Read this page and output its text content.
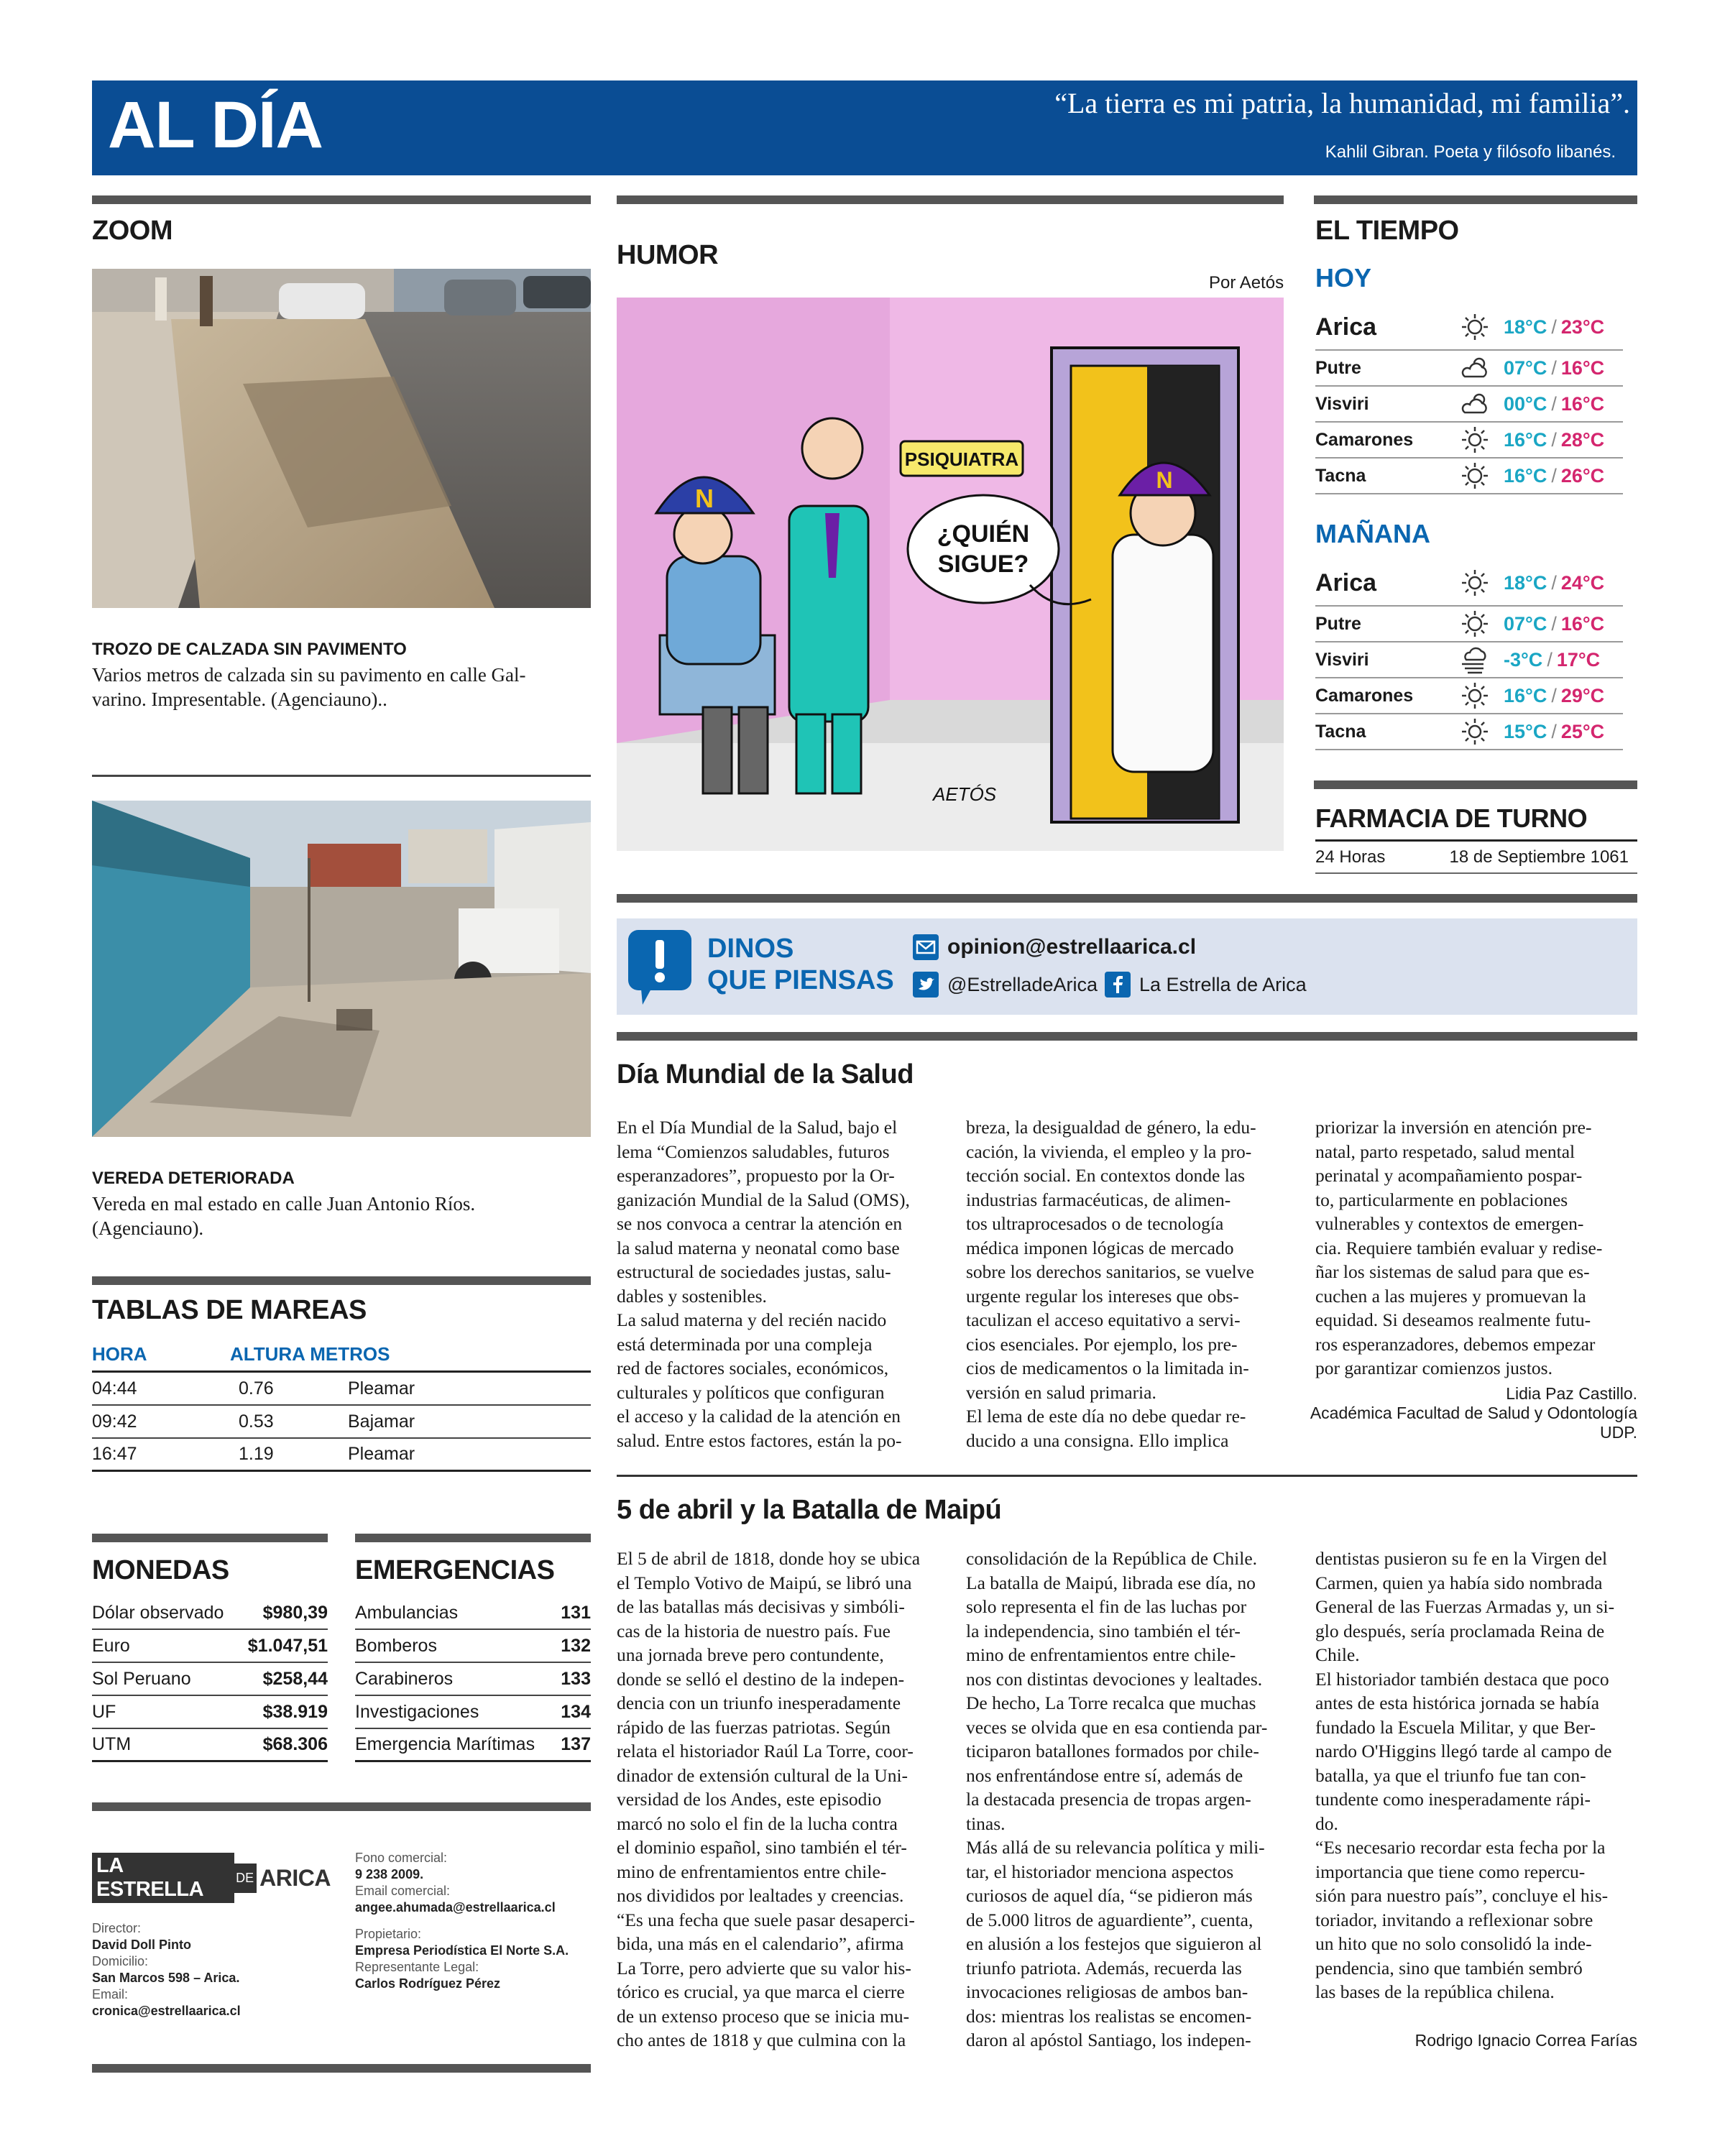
AL DÍA	“La tierra es mi patria, la humanidad, mi familia”.
Kahlil Gibran. Poeta y filósofo libanés.
ZOOM
TROZO DE CALZADA SIN PAVIMENTO
Varios metros de calzada sin su pavimento en calle Gal-
varino. Impresentable. (Agenciauno)..
VEREDA DETERIORADA
Vereda en mal estado en calle Juan Antonio Ríos.
(Agenciauno).
TABLAS DE MAREAS
HORA	ALTURA METROS
04:44	0.76	Pleamar
09:42	0.53	Bajamar
16:47	1.19	Pleamar
MONEDAS
Dólar observado $980,39
Euro	$1.047,51
Sol Peruano	$258,44
UF	$38.919
UTM	$68.306
EMERGENCIAS
Ambulancias	131
Bomberos	132
Carabineros	133
Investigaciones	134
Emergencia Marítimas 137
LA ESTRELLA
DE ARICA
Director:
David Doll Pinto
Domicilio:
San Marcos 598 – Arica.
Email:
cronica@estrellaarica.cl
Fono comercial:
9 238 2009.
Email comercial:
angee.ahumada@estrellaarica.cl
Propietario:
Empresa Periodística El Norte S.A.
Representante Legal:
Carlos Rodríguez Pérez
HUMOR
Por Aetós
PSIQUIATRA
¿QUIÉN
SIGUE?
N
N
AETÓS
EL TIEMPO
HOY
Arica	18°C / 23°C
Putre	07°C / 16°C
Visviri	00°C / 16°C
Camarones	16°C / 28°C
Tacna	16°C / 26°C
MAÑANA
Arica	18°C / 24°C
Putre	07°C / 16°C
Visviri	-3°C / 17°C
Camarones	16°C / 29°C
Tacna	15°C / 25°C
FARMACIA DE TURNO
24 Horas	18 de Septiembre 1061
DINOS
QUE PIENSAS
opinion@estrellaarica.cl
@EstrelladeArica La Estrella de Arica
Día Mundial de la Salud
En el Día Mundial de la Salud, bajo el
lema “Comienzos saludables, futuros
esperanzadores”, propuesto por la Or-
ganización Mundial de la Salud (OMS),
se nos convoca a centrar la atención en
la salud materna y neonatal como base
estructural de sociedades justas, salu-
dables y sostenibles.
La salud materna y del recién nacido
está determinada por una compleja
red de factores sociales, económicos,
culturales y políticos que configuran
el acceso y la calidad de la atención en
salud. Entre estos factores, están la po-
breza, la desigualdad de género, la edu-
cación, la vivienda, el empleo y la pro-
tección social. En contextos donde las
industrias farmacéuticas, de alimen-
tos ultraprocesados o de tecnología
médica imponen lógicas de mercado
sobre los derechos sanitarios, se vuelve
urgente regular los intereses que obs-
taculizan el acceso equitativo a servi-
cios esenciales. Por ejemplo, los pre-
cios de medicamentos o la limitada in-
versión en salud primaria.
El lema de este día no debe quedar re-
ducido a una consigna. Ello implica
priorizar la inversión en atención pre-
natal, parto respetado, salud mental
perinatal y acompañamiento pospar-
to, particularmente en poblaciones
vulnerables y contextos de emergen-
cia. Requiere también evaluar y redise-
ñar los sistemas de salud para que es-
cuchen a las mujeres y promuevan la
equidad. Si deseamos realmente futu-
ros esperanzadores, debemos empezar
por garantizar comienzos justos.
Lidia Paz Castillo.
Académica Facultad de Salud y Odontología
UDP.
5 de abril y la Batalla de Maipú
El 5 de abril de 1818, donde hoy se ubica
el Templo Votivo de Maipú, se libró una
de las batallas más decisivas y simbóli-
cas de la historia de nuestro país. Fue
una jornada breve pero contundente,
donde se selló el destino de la indepen-
dencia con un triunfo inesperadamente
rápido de las fuerzas patriotas. Según
relata el historiador Raúl La Torre, coor-
dinador de extensión cultural de la Uni-
versidad de los Andes, este episodio
marcó no solo el fin de la lucha contra
el dominio español, sino también el tér-
mino de enfrentamientos entre chile-
nos divididos por lealtades y creencias.
“Es una fecha que suele pasar desaperci-
bida, una más en el calendario”, afirma
La Torre, pero advierte que su valor his-
tórico es crucial, ya que marca el cierre
de un extenso proceso que se inicia mu-
cho antes de 1818 y que culmina con la
consolidación de la República de Chile.
La batalla de Maipú, librada ese día, no
solo representa el fin de las luchas por
la independencia, sino también el tér-
mino de enfrentamientos entre chile-
nos con distintas devociones y lealtades.
De hecho, La Torre recalca que muchas
veces se olvida que en esa contienda par-
ticiparon batallones formados por chile-
nos enfrentándose entre sí, además de
la destacada presencia de tropas argen-
tinas.
Más allá de su relevancia política y mili-
tar, el historiador menciona aspectos
curiosos de aquel día, “se pidieron más
de 5.000 litros de aguardiente”, cuenta,
en alusión a los festejos que siguieron al
triunfo patriota. Además, recuerda las
invocaciones religiosas de ambos ban-
dos: mientras los realistas se encomen-
daron al apóstol Santiago, los indepen-
dentistas pusieron su fe en la Virgen del
Carmen, quien ya había sido nombrada
General de las Fuerzas Armadas y, un si-
glo después, sería proclamada Reina de
Chile.
El historiador también destaca que poco
antes de esta histórica jornada se había
fundado la Escuela Militar, y que Ber-
nardo O'Higgins llegó tarde al campo de
batalla, ya que el triunfo fue tan con-
tundente como inesperadamente rápi-
do.
“Es necesario recordar esta fecha por la
importancia que tiene como repercu-
sión para nuestro país”, concluye el his-
toriador, invitando a reflexionar sobre
un hito que no solo consolidó la inde-
pendencia, sino que también sembró
las bases de la república chilena.
Rodrigo Ignacio Correa Farías
